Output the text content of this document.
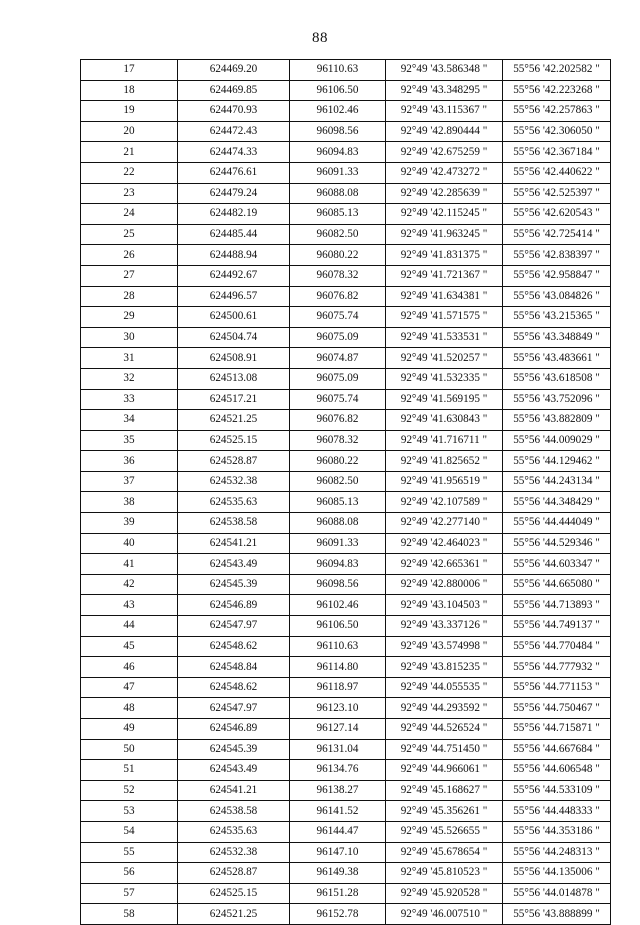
88
17	624469.20	96110.63	92°49 '43.586348 "	55°56 '42.202582 "
18	624469.85	96106.50	92°49 '43.348295 "	55°56 '42.223268 "
19	624470.93	96102.46	92°49 '43.115367 "	55°56 '42.257863 "
20	624472.43	96098.56	92°49 '42.890444 "	55°56 '42.306050 "
21	624474.33	96094.83	92°49 '42.675259 "	55°56 '42.367184 "
22	624476.61	96091.33	92°49 '42.473272 "	55°56 '42.440622 "
23	624479.24	96088.08	92°49 '42.285639 "	55°56 '42.525397 "
24	624482.19	96085.13	92°49 '42.115245 "	55°56 '42.620543 "
25	624485.44	96082.50	92°49 '41.963245 "	55°56 '42.725414 "
26	624488.94	96080.22	92°49 '41.831375 "	55°56 '42.838397 "
27	624492.67	96078.32	92°49 '41.721367 "	55°56 '42.958847 "
28	624496.57	96076.82	92°49 '41.634381 "	55°56 '43.084826 "
29	624500.61	96075.74	92°49 '41.571575 "	55°56 '43.215365 "
30	624504.74	96075.09	92°49 '41.533531 "	55°56 '43.348849 "
31	624508.91	96074.87	92°49 '41.520257 "	55°56 '43.483661 "
32	624513.08	96075.09	92°49 '41.532335 "	55°56 '43.618508 "
33	624517.21	96075.74	92°49 '41.569195 "	55°56 '43.752096 "
34	624521.25	96076.82	92°49 '41.630843 "	55°56 '43.882809 "
35	624525.15	96078.32	92°49 '41.716711 "	55°56 '44.009029 "
36	624528.87	96080.22	92°49 '41.825652 "	55°56 '44.129462 "
37	624532.38	96082.50	92°49 '41.956519 "	55°56 '44.243134 "
38	624535.63	96085.13	92°49 '42.107589 "	55°56 '44.348429 "
39	624538.58	96088.08	92°49 '42.277140 "	55°56 '44.444049 "
40	624541.21	96091.33	92°49 '42.464023 "	55°56 '44.529346 "
41	624543.49	96094.83	92°49 '42.665361 "	55°56 '44.603347 "
42	624545.39	96098.56	92°49 '42.880006 "	55°56 '44.665080 "
43	624546.89	96102.46	92°49 '43.104503 "	55°56 '44.713893 "
44	624547.97	96106.50	92°49 '43.337126 "	55°56 '44.749137 "
45	624548.62	96110.63	92°49 '43.574998 "	55°56 '44.770484 "
46	624548.84	96114.80	92°49 '43.815235 "	55°56 '44.777932 "
47	624548.62	96118.97	92°49 '44.055535 "	55°56 '44.771153 "
48	624547.97	96123.10	92°49 '44.293592 "	55°56 '44.750467 "
49	624546.89	96127.14	92°49 '44.526524 "	55°56 '44.715871 "
50	624545.39	96131.04	92°49 '44.751450 "	55°56 '44.667684 "
51	624543.49	96134.76	92°49 '44.966061 "	55°56 '44.606548 "
52	624541.21	96138.27	92°49 '45.168627 "	55°56 '44.533109 "
53	624538.58	96141.52	92°49 '45.356261 "	55°56 '44.448333 "
54	624535.63	96144.47	92°49 '45.526655 "	55°56 '44.353186 "
55	624532.38	96147.10	92°49 '45.678654 "	55°56 '44.248313 "
56	624528.87	96149.38	92°49 '45.810523 "	55°56 '44.135006 "
57	624525.15	96151.28	92°49 '45.920528 "	55°56 '44.014878 "
58	624521.25	96152.78	92°49 '46.007510 "	55°56 '43.888899 "
